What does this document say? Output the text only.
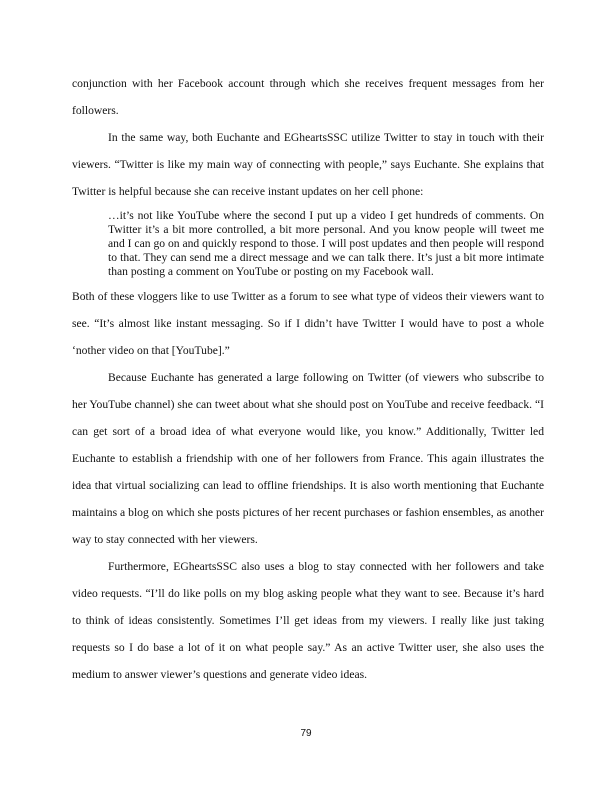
conjunction with her Facebook account through which she receives frequent messages from her followers.

In the same way, both Euchante and EGheartsSSC utilize Twitter to stay in touch with their viewers. “Twitter is like my main way of connecting with people,” says Euchante. She explains that Twitter is helpful because she can receive instant updates on her cell phone:

…it’s not like YouTube where the second I put up a video I get hundreds of comments. On Twitter it’s a bit more controlled, a bit more personal. And you know people will tweet me and I can go on and quickly respond to those. I will post updates and then people will respond to that. They can send me a direct message and we can talk there. It’s just a bit more intimate than posting a comment on YouTube or posting on my Facebook wall.

Both of these vloggers like to use Twitter as a forum to see what type of videos their viewers want to see. “It’s almost like instant messaging. So if I didn’t have Twitter I would have to post a whole ‘nother video on that [YouTube].”

Because Euchante has generated a large following on Twitter (of viewers who subscribe to her YouTube channel) she can tweet about what she should post on YouTube and receive feedback. “I can get sort of a broad idea of what everyone would like, you know.” Additionally, Twitter led Euchante to establish a friendship with one of her followers from France. This again illustrates the idea that virtual socializing can lead to offline friendships. It is also worth mentioning that Euchante maintains a blog on which she posts pictures of her recent purchases or fashion ensembles, as another way to stay connected with her viewers.

Furthermore, EGheartsSSC also uses a blog to stay connected with her followers and take video requests. “I’ll do like polls on my blog asking people what they want to see. Because it’s hard to think of ideas consistently. Sometimes I’ll get ideas from my viewers. I really like just taking requests so I do base a lot of it on what people say.” As an active Twitter user, she also uses the medium to answer viewer’s questions and generate video ideas.

79
